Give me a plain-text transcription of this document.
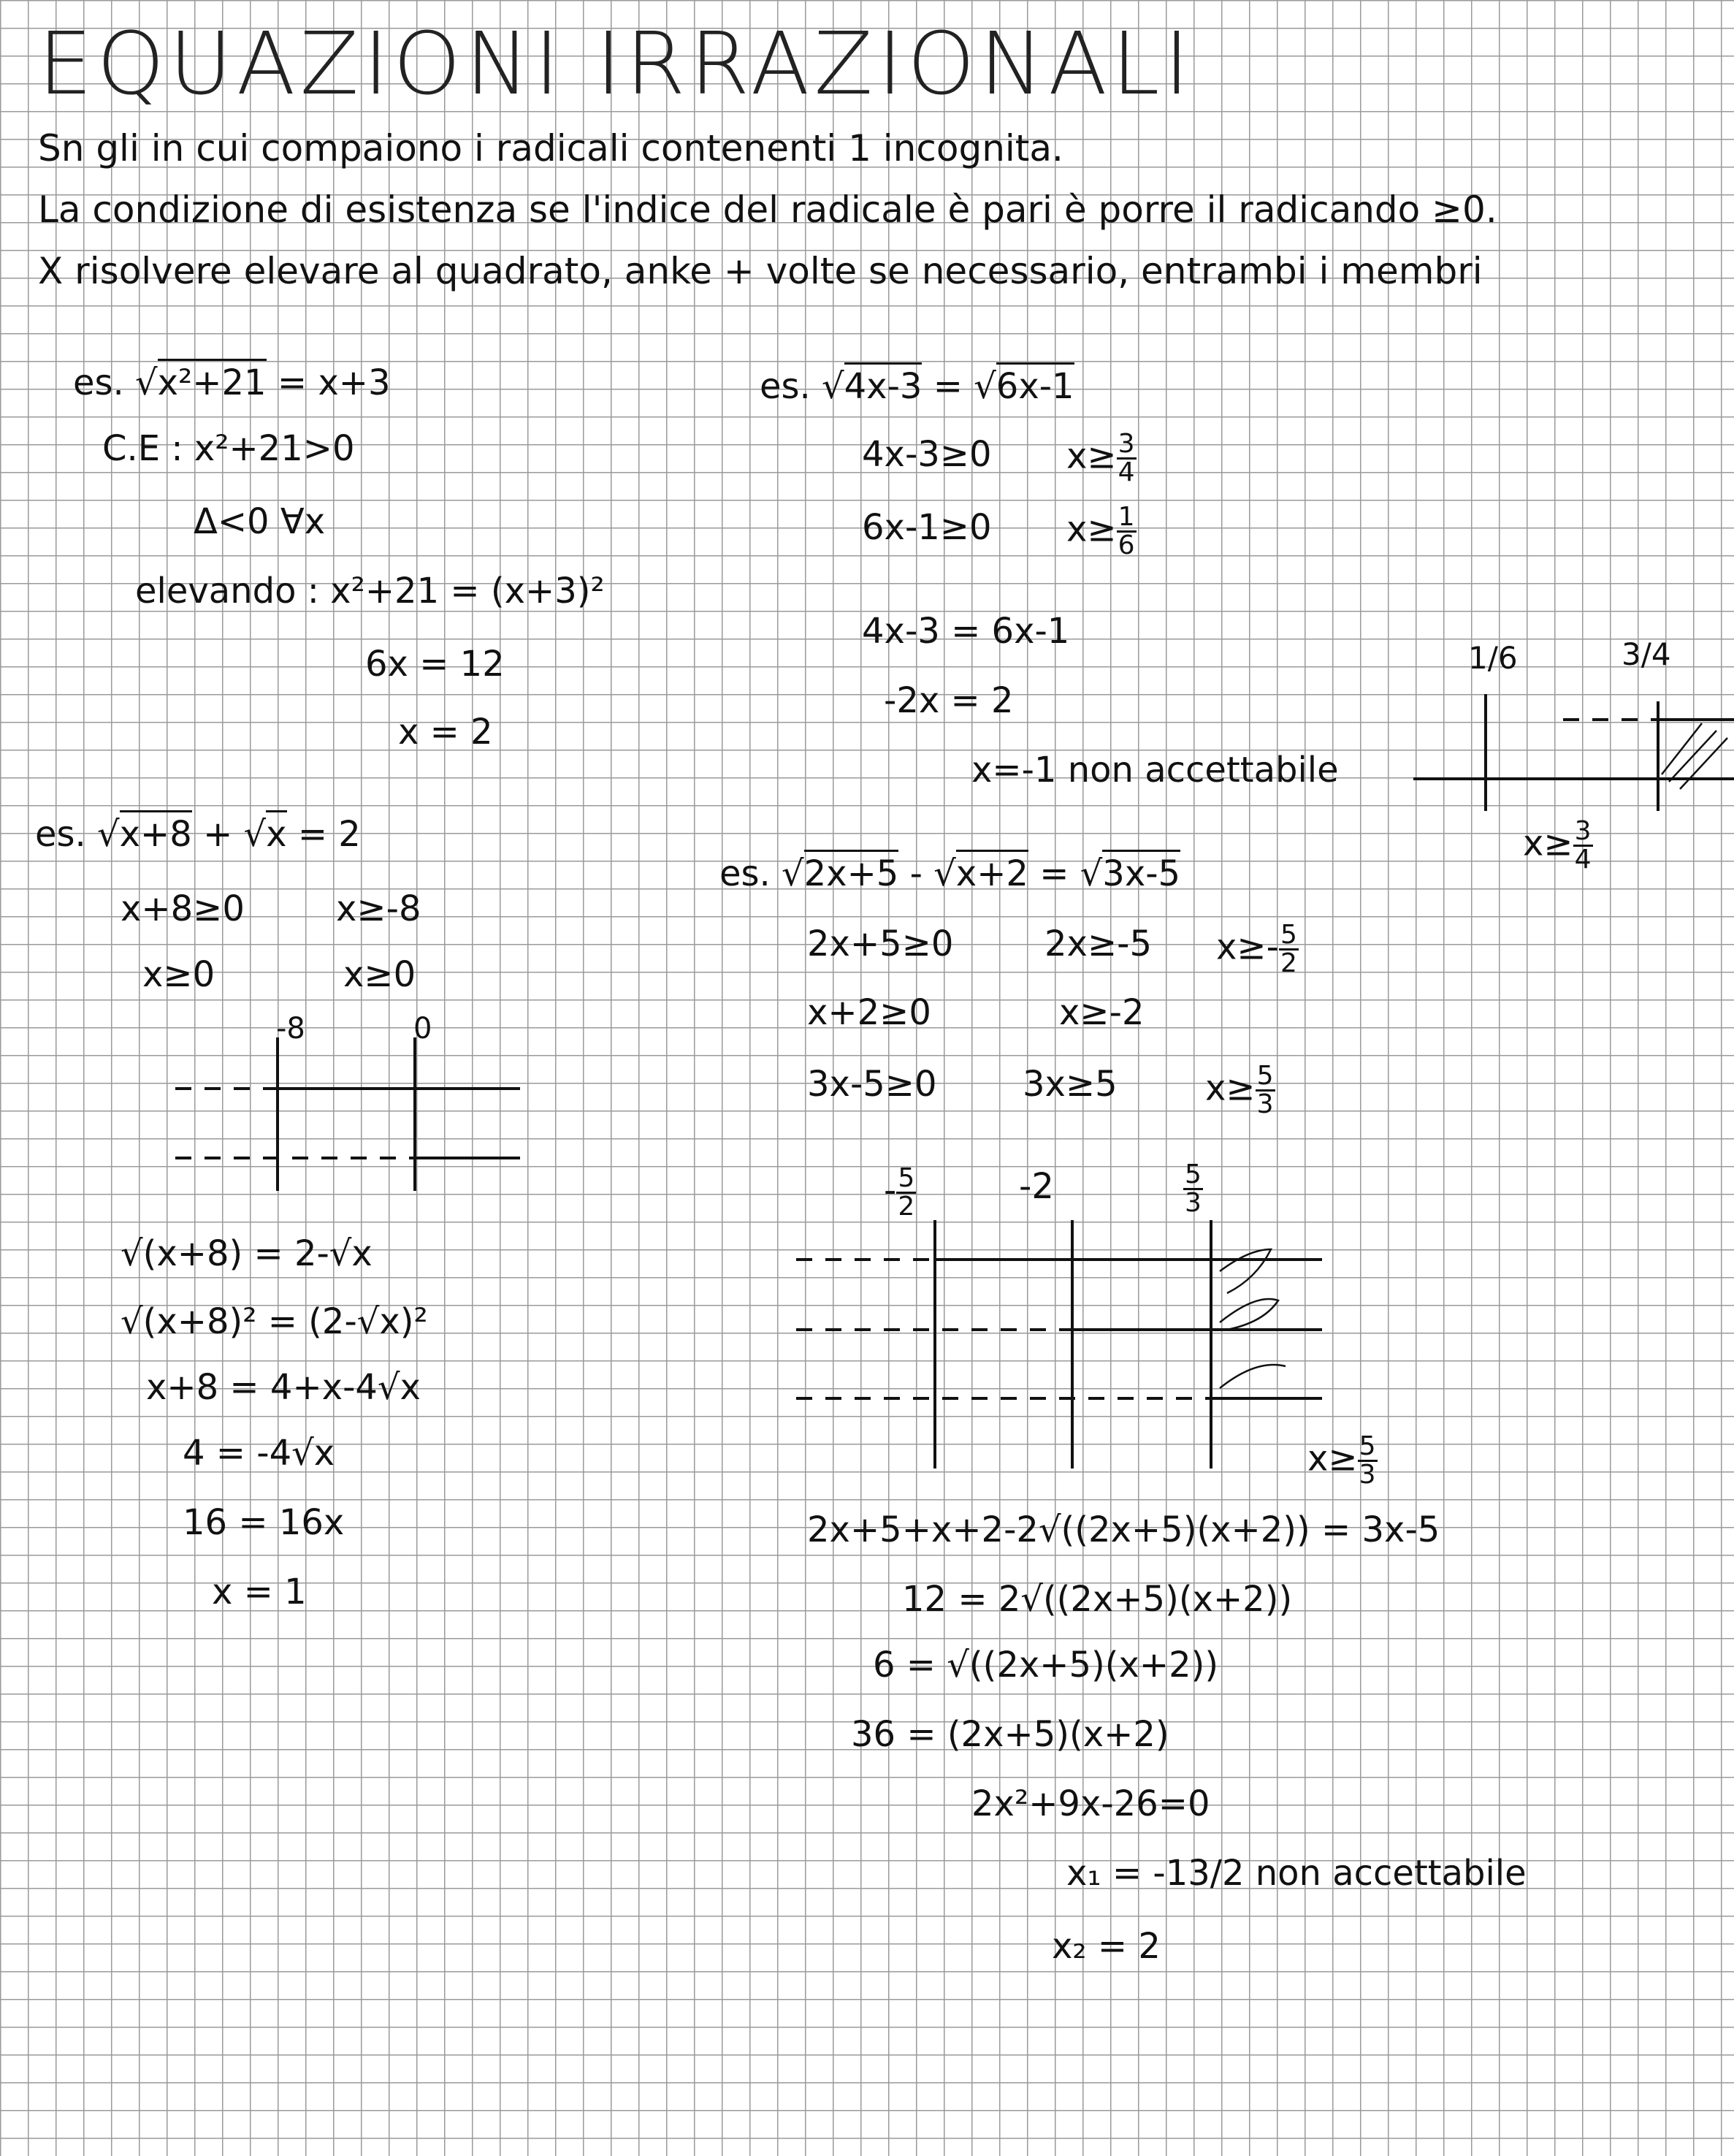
EQUAZIONI IRRAZIONALI
Sn gli in cui compaiono i radicali contenenti 1 incognita.
La condizione di esistenza se l'indice del radicale è pari è porre il radicando ≥0.
X risolvere elevare al quadrato, anke + volte se necessario, entrambi i membri
es. √x²+21 = x+3
C.E : x²+21>0
Δ<0 ∀x
elevando : x²+21 = (x+3)²
6x = 12
x = 2
es. √4x-3 = √6x-1
4x-3≥0 $x\ge \frac{3}{4}$
6x-1≥0 $x\ge \frac{1}{6}$
4x-3 = 6x-1
-2x = 2
x=-1 non accettabile
1/6	3/4
$x\ge \frac{3}{4}$
es. √x+8 + √x = 2
x+8≥0	x≥-8
x≥0	x≥0
-8	0
√(x+8) = 2-√x
√(x+8)² = (2-√x)²
x+8 = 4+x-4√x
4 = -4√x
16 = 16x
x = 1
es. √2x+5 - √x+2 = √3x-5
2x+5≥0	2x≥-5 $x\ge- \frac{5}{2}$
x+2≥0	x≥-2
3x-5≥0 3x≥5	$x\ge \frac{5}{3}$
- $\frac{5}{2}$	-2	$\frac{5}{3}$
$x\ge \frac{5}{3}$
2x+5+x+2-2√((2x+5)(x+2)) = 3x-5
12 = 2√((2x+5)(x+2))
6 = √((2x+5)(x+2))
36 = (2x+5)(x+2)
2x²+9x-26=0
x₁ = -13/2 non accettabile
x₂ = 2
